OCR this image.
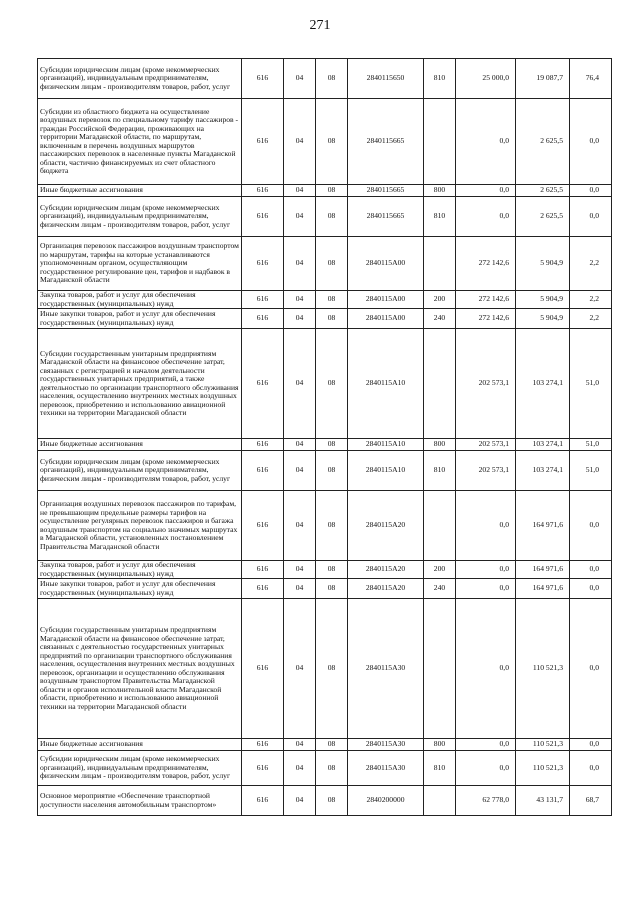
271
Субсидии юридическим лицам (кроме некоммерческих организаций), индивидуальным предпринимателям, физическим лицам - производителям товаров, работ, услуг	616	04	08	2840115650	810	25 000,0	19 087,7	76,4
Субсидии из областного бюджета на осуществление воздушных перевозок по специальному тарифу пассажиров - граждан Российской Федерации, проживающих на территории Магаданской области, по маршрутам, включенным в перечень воздушных маршрутов пассажирских перевозок в населенные пункты Магаданской области, частично финансируемых из счет областного бюджета	616	04	08	2840115665		0,0	2 625,5	0,0
Иные бюджетные ассигнования	616	04	08	2840115665	800	0,0	2 625,5	0,0
Субсидии юридическим лицам (кроме некоммерческих организаций), индивидуальным предпринимателям, физическим лицам - производителям товаров, работ, услуг	616	04	08	2840115665	810	0,0	2 625,5	0,0
Организация перевозок пассажиров воздушным транспортом по маршрутам, тарифы на которые устанавливаются уполномоченным органом, осуществляющим государственное регулирование цен, тарифов и надбавок в Магаданской области	616	04	08	2840115A00		272 142,6	5 904,9	2,2
Закупка товаров, работ и услуг для обеспечения государственных (муниципальных) нужд	616	04	08	2840115A00	200	272 142,6	5 904,9	2,2
Иные закупки товаров, работ и услуг для обеспечения государственных (муниципальных) нужд	616	04	08	2840115A00	240	272 142,6	5 904,9	2,2
Субсидии государственным унитарным предприятиям Магаданской области на финансовое обеспечение затрат, связанных с регистрацией и началом деятельности государственных унитарных предприятий, а также деятельностью по организации транспортного обслуживания населения, осуществлению внутренних местных воздушных перевозок, приобретению и использованию авиационной техники на территории Магаданской области	616	04	08	2840115A10		202 573,1	103 274,1	51,0
Иные бюджетные ассигнования	616	04	08	2840115A10	800	202 573,1	103 274,1	51,0
Субсидии юридическим лицам (кроме некоммерческих организаций), индивидуальным предпринимателям, физическим лицам - производителям товаров, работ, услуг	616	04	08	2840115A10	810	202 573,1	103 274,1	51,0
Организация воздушных перевозок пассажиров по тарифам, не превышающим предельные размеры тарифов на осуществление регулярных перевозок пассажиров и багажа воздушным транспортом на социально значимых маршрутах в Магаданской области, установленных постановлением Правительства Магаданской области	616	04	08	2840115A20		0,0	164 971,6	0,0
Закупка товаров, работ и услуг для обеспечения государственных (муниципальных) нужд	616	04	08	2840115A20	200	0,0	164 971,6	0,0
Иные закупки товаров, работ и услуг для обеспечения государственных (муниципальных) нужд	616	04	08	2840115A20	240	0,0	164 971,6	0,0
Субсидии государственным унитарным предприятиям Магаданской области на финансовое обеспечение затрат, связанных с деятельностью государственных унитарных предприятий по организации транспортного обслуживания населения, осуществления внутренних местных воздушных перевозок, организации и осуществлению обслуживания воздушным транспортом Правительства Магаданской области и органов исполнительной власти Магаданской области, приобретению и использованию авиационной техники на территории Магаданской области	616	04	08	2840115A30		0,0	110 521,3	0,0
Иные бюджетные ассигнования	616	04	08	2840115A30	800	0,0	110 521,3	0,0
Субсидии юридическим лицам (кроме некоммерческих организаций), индивидуальным предпринимателям, физическим лицам - производителям товаров, работ, услуг	616	04	08	2840115A30	810	0,0	110 521,3	0,0
Основное мероприятие «Обеспечение транспортной доступности населения автомобильным транспортом»	616	04	08	2840200000		62 778,0	43 131,7	68,7
